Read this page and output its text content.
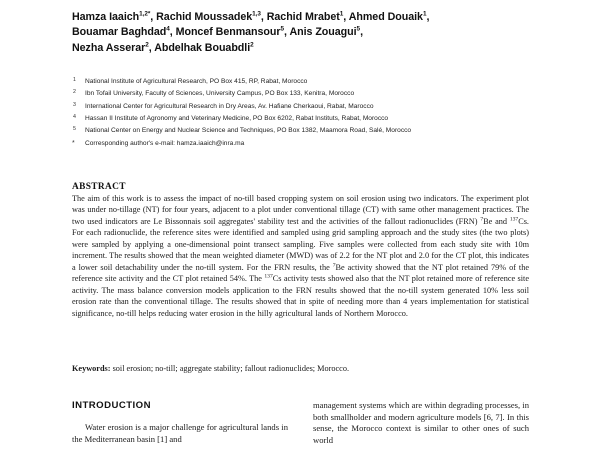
Hamza Iaaich$^{1,2*}$, Rachid Moussadek$^{1,3}$, Rachid Mrabet$^1$, Ahmed Douaik$^1$,
Bouamar Baghdad$^4$, Moncef Benmansour$^5$, Anis Zouagui$^5$,
Nezha Asserar$^2$, Abdelhak Bouabdli$^2$
1 National Institute of Agricultural Research, PO Box 415, RP, Rabat, Morocco
2 Ibn Tofail University, Faculty of Sciences, University Campus, PO Box 133, Kenitra, Morocco
3 International Center for Agricultural Research in Dry Areas, Av. Hafiane Cherkaoui, Rabat, Marocco
4 Hassan II Institute of Agronomy and Veterinary Medicine, PO Box 6202, Rabat Instituts, Rabat, Morocco
5 National Center on Energy and Nuclear Science and Techniques, PO Box 1382, Maamora Road, Salé, Morocco
* Corresponding author's e-mail: hamza.iaaich@inra.ma
ABSTRACT
The aim of this work is to assess the impact of no-till based cropping system on soil erosion using two indicators. The experiment plot was under no-tillage (NT) for four years, adjacent to a plot under conventional tillage (CT) with same other management practices. The two used indicators are Le Bissonnais soil aggregates' stability test and the activities of the fallout radionuclides (FRN) $^7$Be and $^{137}$Cs. For each radionuclide, the reference sites were identified and sampled using grid sampling approach and the study sites (the two plots) were sampled by applying a one-dimensional point transect sampling. Five samples were collected from each study site with 10m increment. The results showed that the mean weighted diameter (MWD) was of 2.2 for the NT plot and 2.0 for the CT plot, this indicates a lower soil detachability under the no-till system. For the FRN results, the $^7$Be activity showed that the NT plot retained 79% of the reference site activity and the CT plot retained 54%. The $^{137}$Cs activity tests showed also that the NT plot retained more of reference site activity. The mass balance conversion models application to the FRN results showed that the no-till system generated 10% less soil erosion rate than the conventional tillage. The results showed that in spite of needing more than 4 years implementation for statistical significance, no-till helps reducing water erosion in the hilly agricultural lands of Northern Morocco.
Keywords: soil erosion; no-till; aggregate stability; fallout radionuclides; Morocco.
INTRODUCTION

Water erosion is a major challenge for agricultural lands in the Mediterranean basin [1] and

management systems which are within degrading processes, in both smallholder and modern agriculture models [6, 7]. In this sense, the Morocco context is similar to other ones of such world
